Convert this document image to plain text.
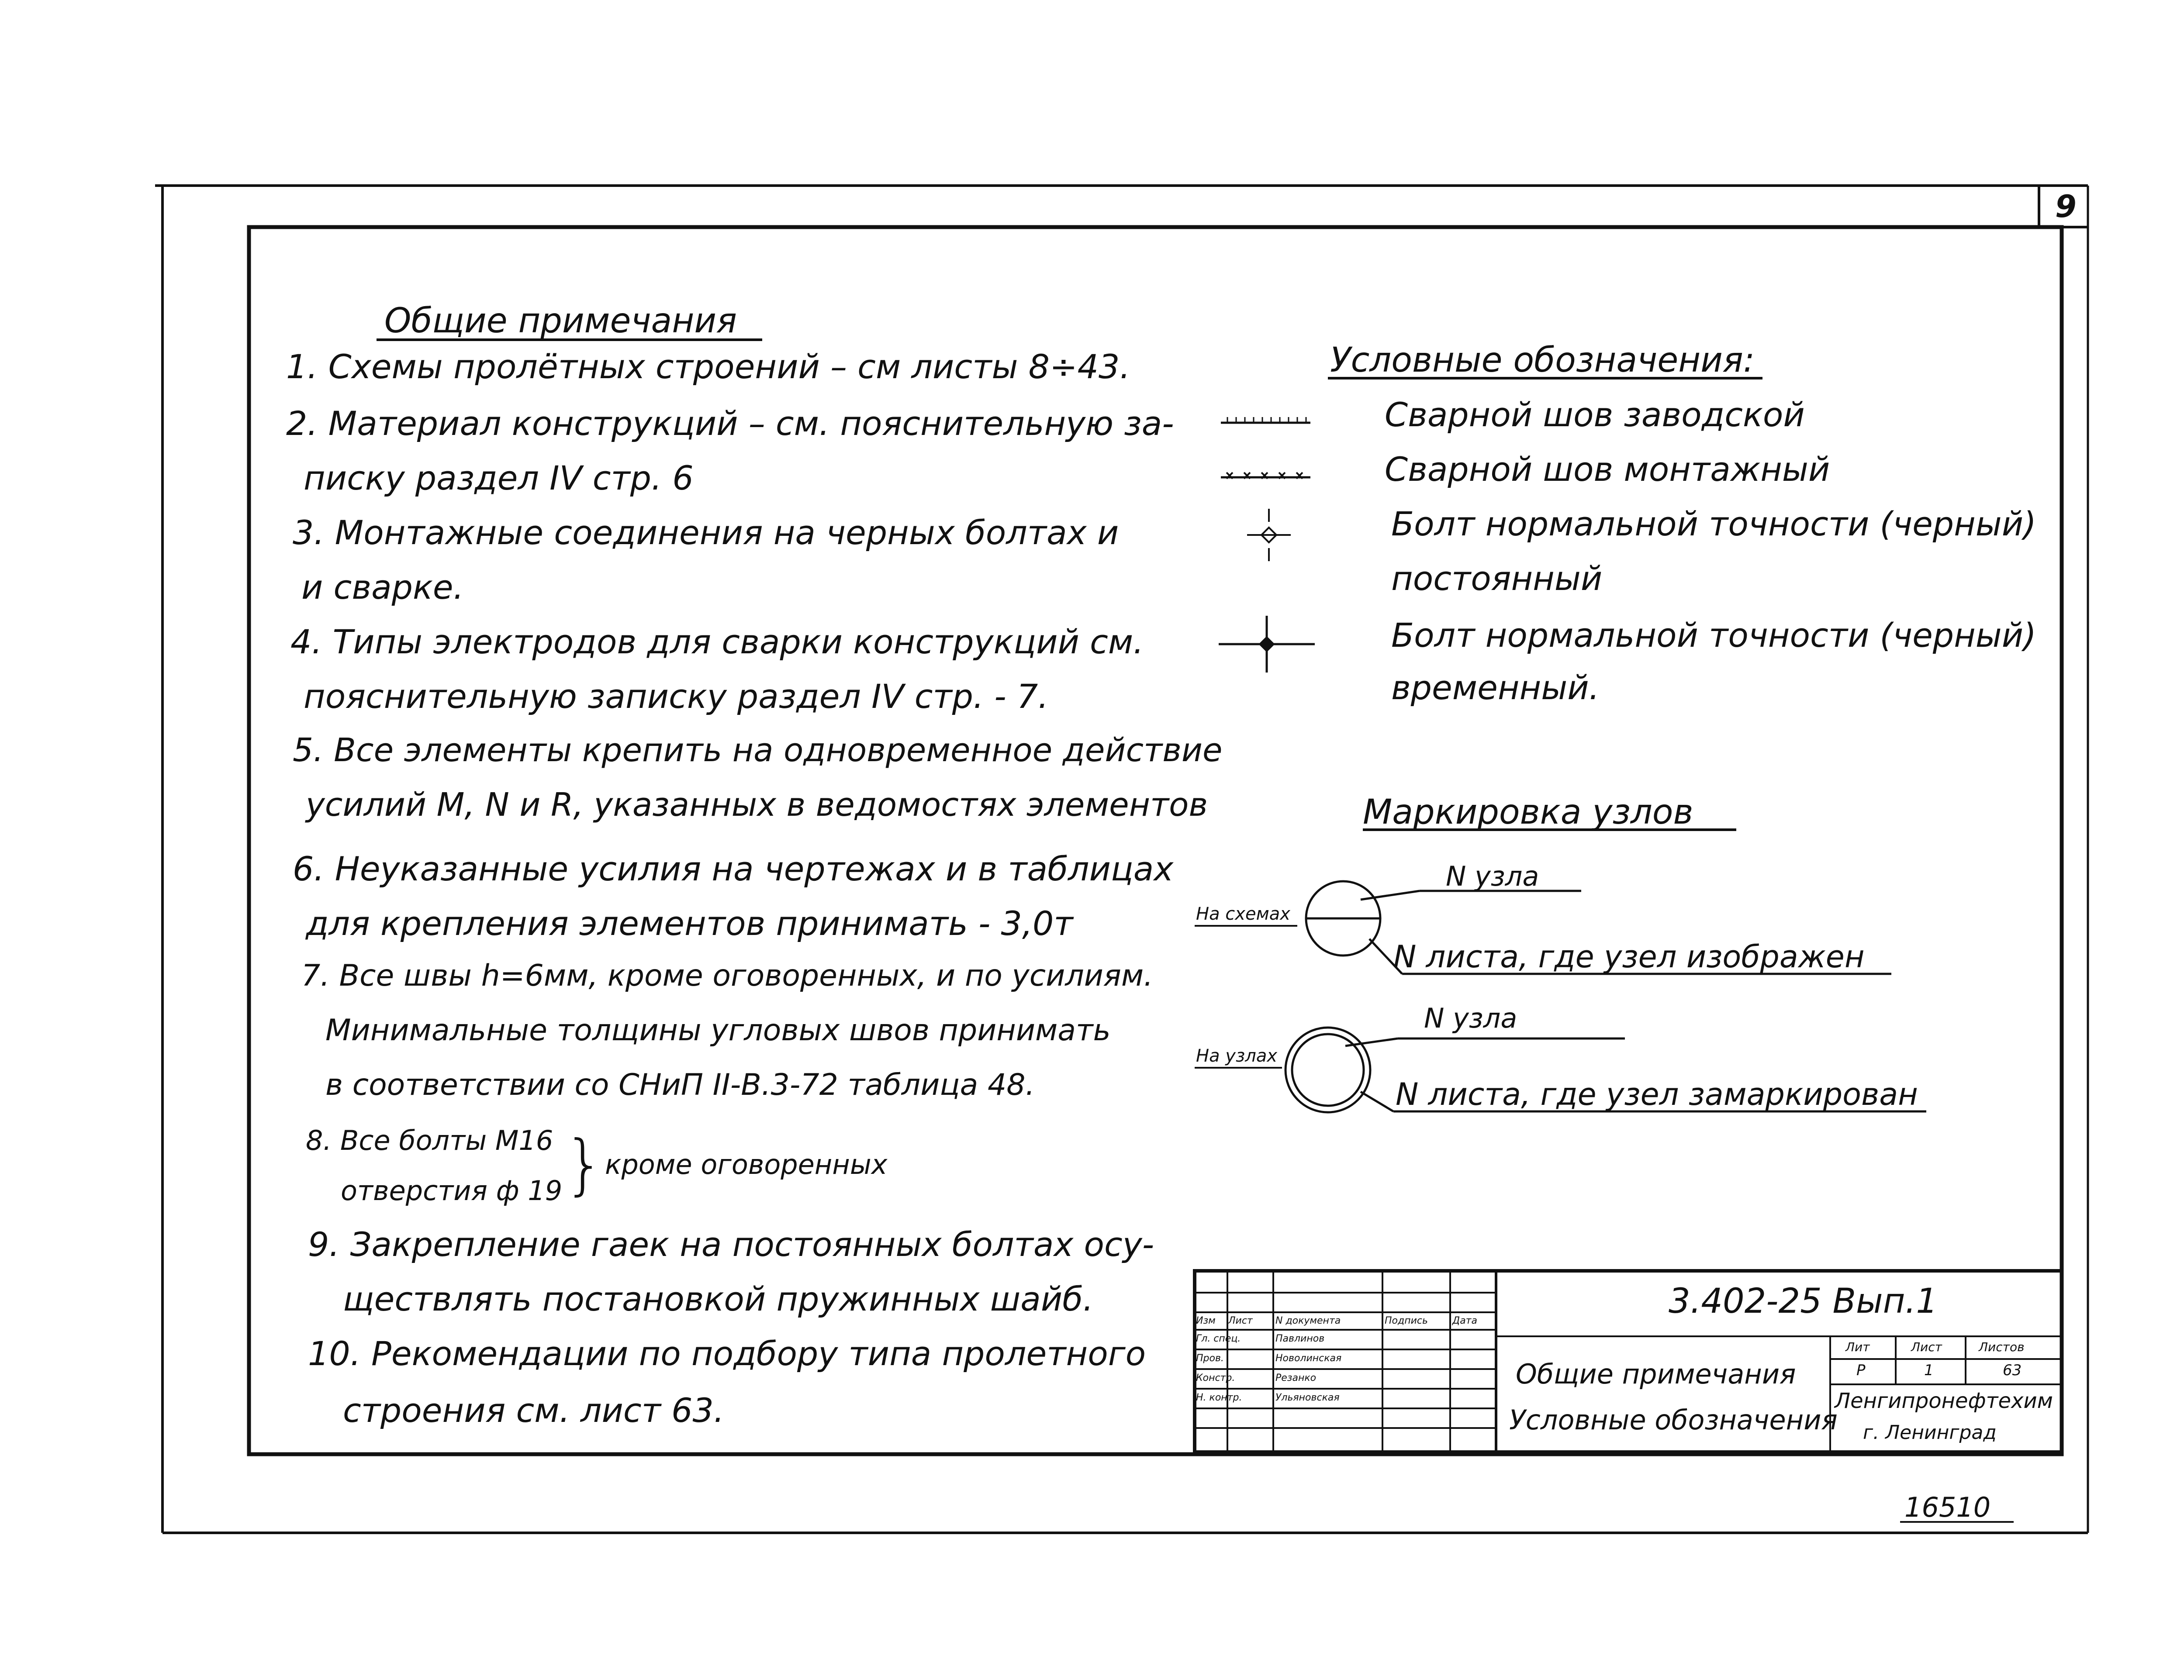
9
Общие примечания
1. Схемы пролётных строений – см листы 8÷43.
2. Материал конструкций – см. пояснительную за-
писку раздел IV стр. 6
3. Монтажные соединения на черных болтах и
и сварке.
4. Типы электродов для сварки конструкций см.
пояснительную записку раздел IV стр. - 7.
5. Все элементы крепить на одновременное действие
усилий M, N и R, указанных в ведомостях элементов
6. Неуказанные усилия на чертежах и в таблицах
для крепления элементов принимать - 3,0т
7. Все швы h=6мм, кроме оговоренных, и по усилиям.
Минимальные толщины угловых швов принимать
в соответствии со СНиП II-В.3-72 таблица 48.
8. Все болты М16
отверстия ф 19 } кроме оговоренных
9. Закрепление гаек на постоянных болтах осу-
ществлять постановкой пружинных шайб.
10. Рекомендации по подбору типа пролетного
строения см. лист 63.
Условные обозначения:
Сварной шов заводской
Сварной шов монтажный
Болт нормальной точности (черный)
постоянный
Болт нормальной точности (черный)
временный.
Маркировка узлов
На схемах
N узла
N листа, где узел изображен
На узлах
N узла
N листа, где узел замаркирован
Изм Лист N документа	Подпись	Дата
Гл. спец.	Павлинов
Пров.	Новолинская
Констр.	Резанко
Н. контр.	Ульяновская
3.402-25 Вып.1
Общие примечания
Условные обозначения
Лит	Лист	Листов
Р	1	63
Ленгипронефтехим
г. Ленинград
16510
